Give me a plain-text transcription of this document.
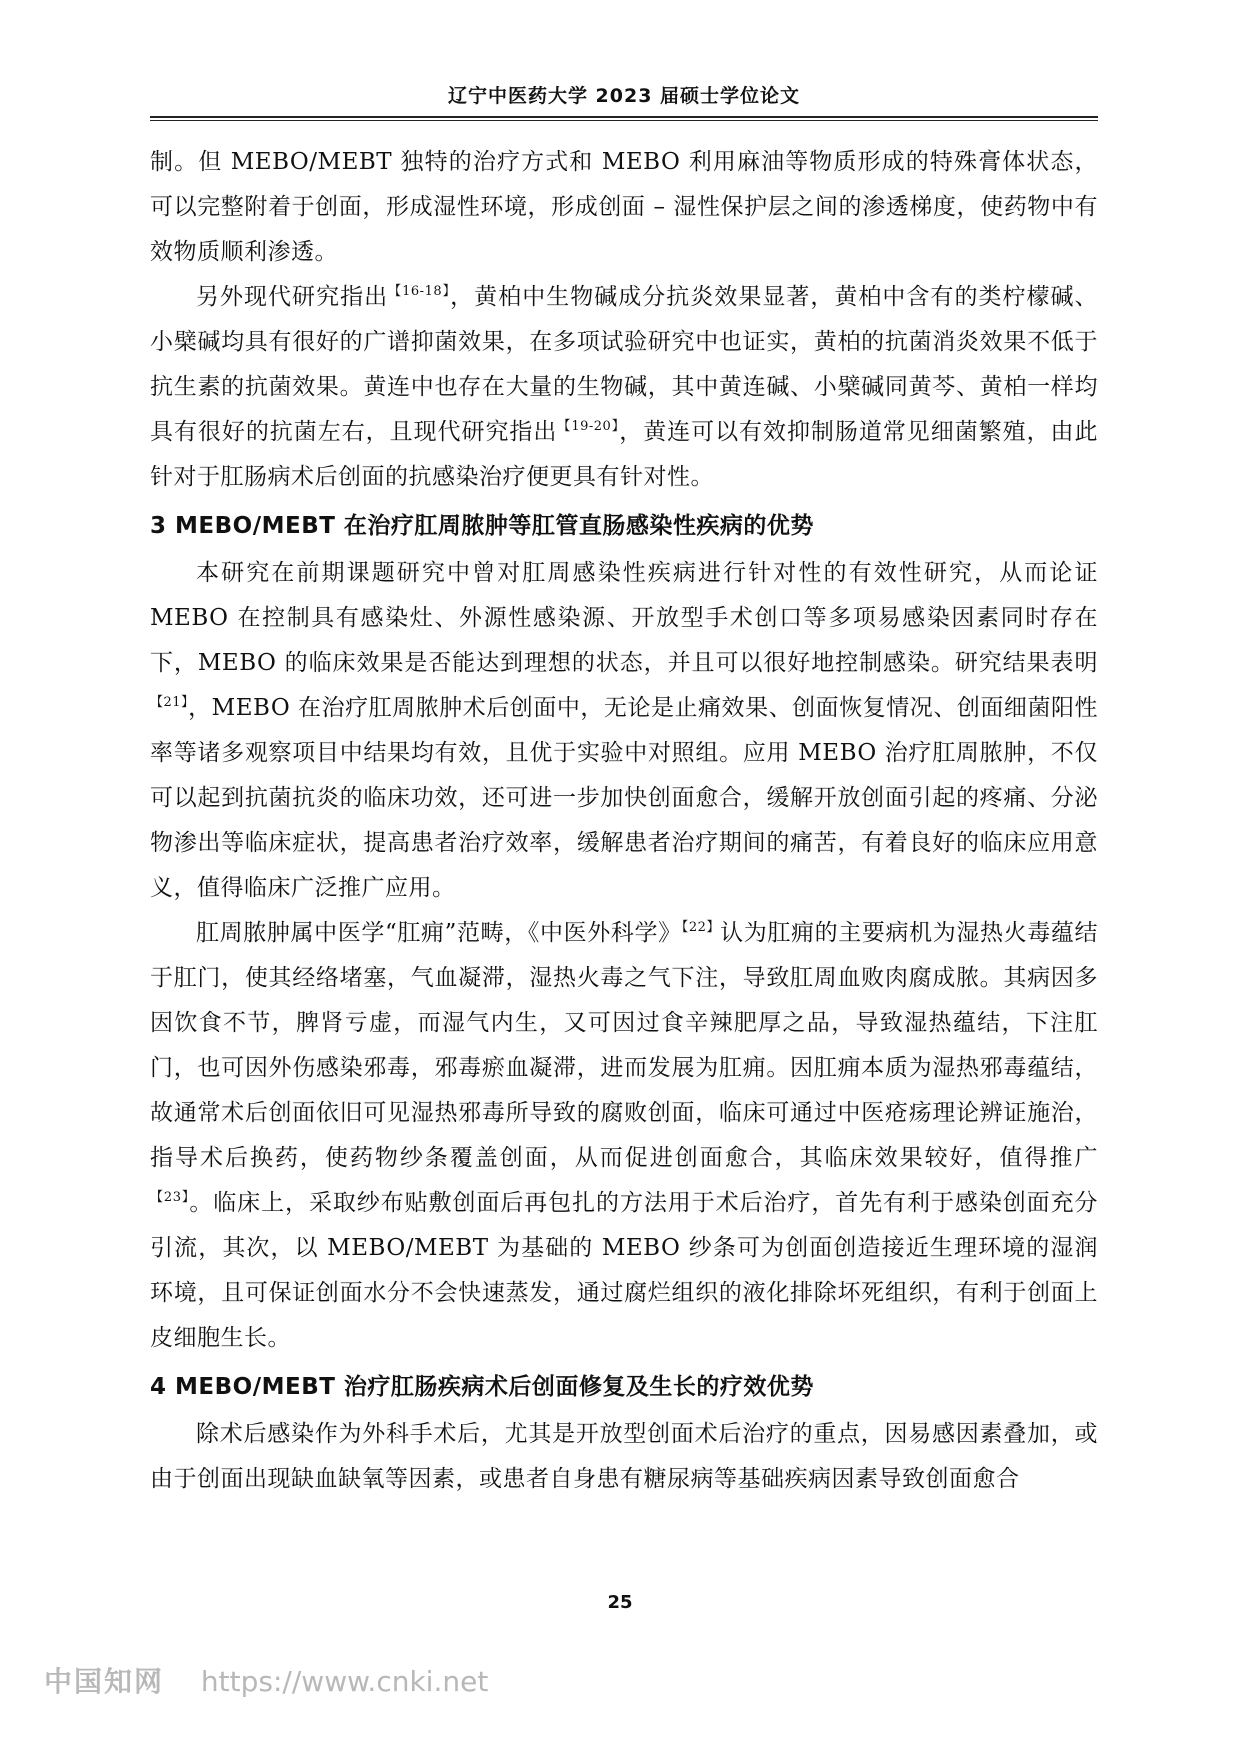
辽宁中医药大学 2023 届硕士学位论文

制。但 MEBO/MEBT 独特的治疗方式和 MEBO 利用麻油等物质形成的特殊膏体状态，可以完整附着于创面，形成湿性环境，形成创面 – 湿性保护层之间的渗透梯度，使药物中有效物质顺利渗透。

另外现代研究指出$^{【16-18】}$，黄柏中生物碱成分抗炎效果显著，黄柏中含有的类柠檬碱、小檗碱均具有很好的广谱抑菌效果，在多项试验研究中也证实，黄柏的抗菌消炎效果不低于抗生素的抗菌效果。黄连中也存在大量的生物碱，其中黄连碱、小檗碱同黄芩、黄柏一样均具有很好的抗菌左右，且现代研究指出$^{【19-20】}$，黄连可以有效抑制肠道常见细菌繁殖，由此针对于肛肠病术后创面的抗感染治疗便更具有针对性。

3 MEBO/MEBT 在治疗肛周脓肿等肛管直肠感染性疾病的优势

本研究在前期课题研究中曾对肛周感染性疾病进行针对性的有效性研究，从而论证 MEBO 在控制具有感染灶、外源性感染源、开放型手术创口等多项易感染因素同时存在下，MEBO 的临床效果是否能达到理想的状态，并且可以很好地控制感染。研究结果表明$^{【21】}$，MEBO 在治疗肛周脓肿术后创面中，无论是止痛效果、创面恢复情况、创面细菌阳性率等诸多观察项目中结果均有效，且优于实验中对照组。应用 MEBO 治疗肛周脓肿，不仅可以起到抗菌抗炎的临床功效，还可进一步加快创面愈合，缓解开放创面引起的疼痛、分泌物渗出等临床症状，提高患者治疗效率，缓解患者治疗期间的痛苦，有着良好的临床应用意义，值得临床广泛推广应用。

肛周脓肿属中医学“肛痈”范畴，《中医外科学》$^{【22】}$认为肛痈的主要病机为湿热火毒蕴结于肛门，使其经络堵塞，气血凝滞，湿热火毒之气下注，导致肛周血败肉腐成脓。其病因多因饮食不节，脾肾亏虚，而湿气内生，又可因过食辛辣肥厚之品，导致湿热蕴结，下注肛门，也可因外伤感染邪毒，邪毒瘀血凝滞，进而发展为肛痈。因肛痈本质为湿热邪毒蕴结，故通常术后创面依旧可见湿热邪毒所导致的腐败创面，临床可通过中医疮疡理论辨证施治，指导术后换药，使药物纱条覆盖创面，从而促进创面愈合，其临床效果较好，值得推广$^{【23】}$。临床上，采取纱布贴敷创面后再包扎的方法用于术后治疗，首先有利于感染创面充分引流，其次，以 MEBO/MEBT 为基础的 MEBO 纱条可为创面创造接近生理环境的湿润环境，且可保证创面水分不会快速蒸发，通过腐烂组织的液化排除坏死组织，有利于创面上皮细胞生长。

4 MEBO/MEBT 治疗肛肠疾病术后创面修复及生长的疗效优势

除术后感染作为外科手术后，尤其是开放型创面术后治疗的重点，因易感因素叠加，或由于创面出现缺血缺氧等因素，或患者自身患有糖尿病等基础疾病因素导致创面愈合

25
中国知网 https://www.cnki.net
